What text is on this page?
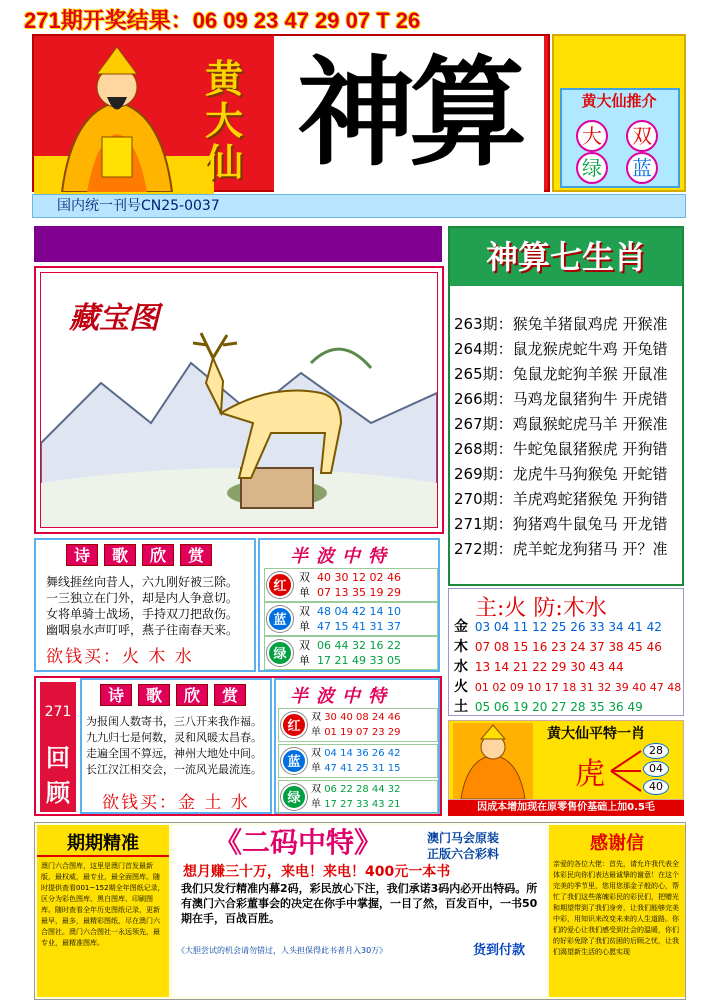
271期开奖结果：06 09 23 47 29 07 T 26
黄
大
仙 神算	黄大仙推介
大	双
绿	蓝
国内统一刊号CN25-0037
神算七生肖
263期：猴兔羊猪鼠鸡虎 开猴准
264期：鼠龙猴虎蛇牛鸡 开兔错
265期：兔鼠龙蛇狗羊猴 开鼠准
266期：马鸡龙鼠猪狗牛 开虎错
267期：鸡鼠猴蛇虎马羊 开猴准
268期：牛蛇兔鼠猪猴虎 开狗错
269期：龙虎牛马狗猴兔 开蛇错
270期：羊虎鸡蛇猪猴兔 开狗错
271期：狗猪鸡牛鼠兔马 开龙错
272期：虎羊蛇龙狗猪马 开？准
藏宝图
诗 歌 欣 赏
舞线捱丝向昔人，六九刚好被三除。
一三独立在门外，却是内人争意切。
女将单骑士战场，手持双刀把敌伤。
幽咽泉水声叮呼，燕子往南春天来。
欲钱买：火 木 水
半波中特
红
双 40 30 12 02 46
单 07 13 35 19 29
蓝
双 48 04 42 14 10
单 47 15 41 31 37
绿
双 06 44 32 16 22
单 17 21 49 33 05
主:火 防:木水
金 03 04 11 12 25 26 33 34 41 42
木 07 08 15 16 23 24 37 38 45 46
水 13 14 21 22 29 30 43 44
火 01 02 09 10 17 18 31 32 39 40 47 48
土 05 06 19 20 27 28 35 36 49
271
回
顾
诗 歌 欣 赏
为报闺人数寄书，三八开来我作福。
九九归七是何数，灵和风暖太昌春。
走遍全国不算远，神州大地处中间。
长江汉江相交会，一流风光最流连。
欲钱买：金 土 水
半波中特
红
双 30 40 08 24 46
单 01 19 07 23 29
蓝
双 04 14 36 26 42
单 47 41 25 31 15
绿
双 06 22 28 44 32
单 17 27 33 43 21
黄大仙平特一肖
虎
28
04
40
因成本增加现在原零售价基础上加0.5毛
期期精准
澳门六合图库，这里是澳门首发最新版，最权威，最专业，最全面图库。随时提供查看001~152期全年图纸记录，区分为彩色图库、黑白图库、印刷图库。随时查看全年历史图纸记录，更新最早，最多，最精彩图纸，尽在澳门六合图社。澳门六合图社一永远领先，最专业，最精准图库。
《二码中特》	澳门马会原装
正版六合彩料
想月赚三十万，来电！来电！400元一本书
我们只发行精准内幕2码，彩民放心下注，我们承诺3码内必开出特码。所有澳门六合彩董事会的决定在你手中掌握，一目了然，百发百中，一书50期在手，百战百胜。
《大胆尝试的机会请勿错过，人头担保得此书者月入30万》	货到付款
感谢信
亲爱的各位大佬：首先，请允许我代表全体彩民向你们表达最诚挚的谢意！在这个完美的季节里，您用您那金子般的心，帮忙了我们这些落魄彩民的彩民们，把赠光和期望带到了我们身旁，让我们能够完美中彩，用知识来改变未来的人生道路。你们的爱心让我们感受到社会的温暖，你们的好彩免除了我们贫困的后顾之忧，让我们渴望新生活的心愿实现
